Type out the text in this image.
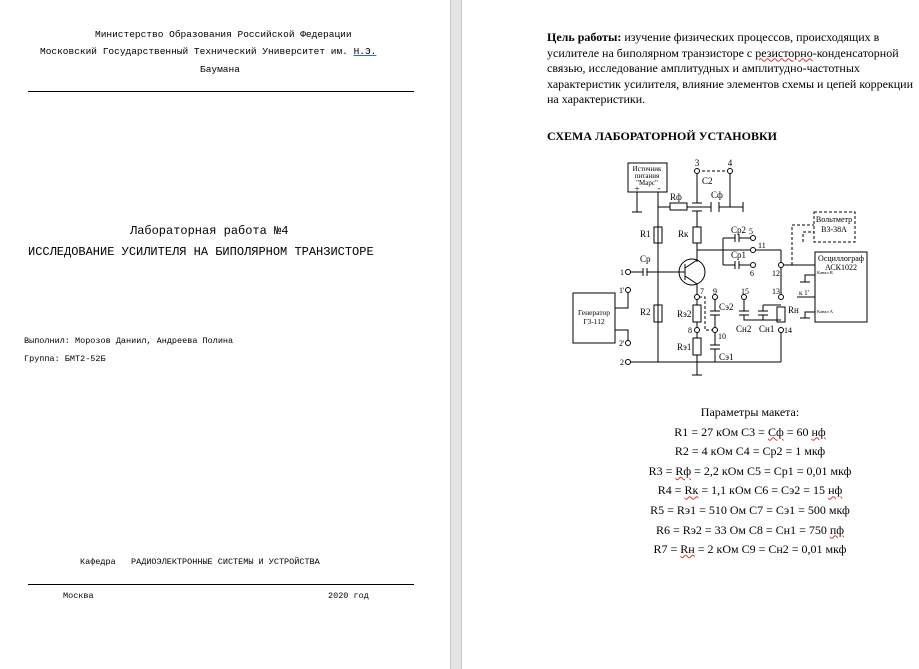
Министерство Образования Российской Федерации
Московский Государственный Технический Университет им. Н.Э.
Баумана
Лабораторная работа №4
ИССЛЕДОВАНИЕ УСИЛИТЕЛЯ НА БИПОЛЯРНОМ ТРАНЗИСТОРЕ
Выполнил: Морозов Даниил, Андреева Полина
Группа: БМТ2-52Б
Кафедра РАДИОЭЛЕКТРОННЫЕ СИСТЕМЫ И УСТРОЙСТВА
Москва	2020 год
Цель работы: изучение физических процессов, происходящих в усилителе на биполярном транзисторе с резисторно-конденсаторной связью, исследование амплитудных и амплитудно-частотных характеристик усилителя, влияние элементов схемы и цепей коррекции на характеристики.
СХЕМА ЛАБОРАТОРНОЙ УСТАНОВКИ
Источник
питания
"Марс"
+ -
3	4
C2
Cф
Rф
R1	Rк	Ср2
Ср1
5
11
6 12
Ср
1
1'
2'
2
R2
Генератор
Г3-112
7 9
Rэ2
Сэ2
8
10
Rэ1
Сэ1
15	13
Сн2 Сн1 14
Rн
Вольтметр
В3-38А
Осциллограф
АСК1022
Канал В
Канал А
к 1'
Параметры макета:
R1 = 27 кОм C3 = Сф = 60 нф
R2 = 4 кОм C4 = Ср2 = 1 мкф
R3 = Rф = 2,2 кОм C5 = Ср1 = 0,01 мкф
R4 = Rк = 1,1 кОм C6 = Сэ2 = 15 нф
R5 = Rэ1 = 510 Ом C7 = Сэ1 = 500 мкф
R6 = Rэ2 = 33 Ом C8 = Сн1 = 750 пф
R7 = Rн = 2 кОм C9 = Сн2 = 0,01 мкф
